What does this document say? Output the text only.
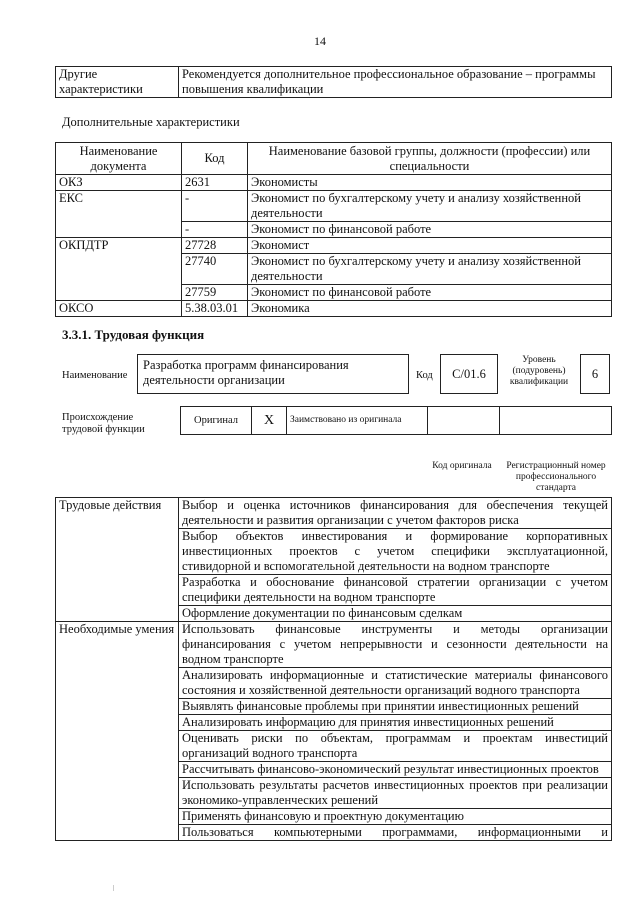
14
Другие характеристики	Рекомендуется дополнительное профессиональное образование – программы повышения квалификации
Дополнительные характеристики
Наименование документа	Код	Наименование базовой группы, должности (профессии) или специальности
ОКЗ	2631	Экономисты
ЕКС	-	Экономист по бухгалтерскому учету и анализу хозяйственной деятельности
	-	Экономист по финансовой работе
ОКПДТР	27728	Экономист
	27740	Экономист по бухгалтерскому учету и анализу хозяйственной деятельности
	27759	Экономист по финансовой работе
ОКСО	5.38.03.01	Экономика
3.3.1. Трудовая функция
Наименование
Разработка программ финансирования деятельности организации	Код	С/01.6
Уровень (подуровень) квалификации
6
Происхождение трудовой функции
Оригинал	X	Заимствовано из оригинала		
Код оригинала	Регистрационный номер профессионального стандарта
Трудовые действия	Выбор и оценка источников финансирования для обеспечения текущей деятельности и развития организации с учетом факторов риска
	Выбор объектов инвестирования и формирование корпоративных инвестиционных проектов с учетом специфики эксплуатационной, стивидорной и вспомогательной деятельности на водном транспорте
	Разработка и обоснование финансовой стратегии организации с учетом специфики деятельности на водном транспорте
	Оформление документации по финансовым сделкам
Необходимые умения	Использовать финансовые инструменты и методы организации финансирования с учетом непрерывности и сезонности деятельности на водном транспорте
	Анализировать информационные и статистические материалы финансового состояния и хозяйственной деятельности организаций водного транспорта
	Выявлять финансовые проблемы при принятии инвестиционных решений
	Анализировать информацию для принятия инвестиционных решений
	Оценивать риски по объектам, программам и проектам инвестиций организаций водного транспорта
	Рассчитывать финансово-экономический результат инвестиционных проектов
	Использовать результаты расчетов инвестиционных проектов при реализации экономико-управленческих решений
	Применять финансовую и проектную документацию
	Пользоваться компьютерными программами, информационными и
